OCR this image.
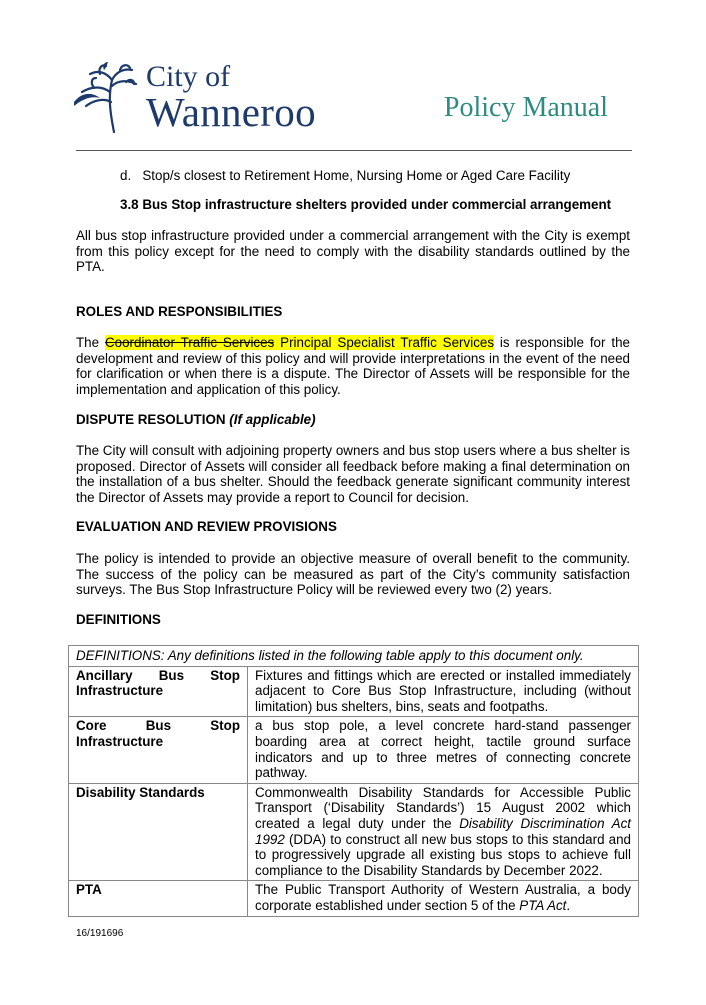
City of
Wanneroo	Policy Manual
d. Stop/s closest to Retirement Home, Nursing Home or Aged Care Facility
3.8 Bus Stop infrastructure shelters provided under commercial arrangement
All bus stop infrastructure provided under a commercial arrangement with the City is exempt from this policy except for the need to comply with the disability standards outlined by the PTA.
ROLES AND RESPONSIBILITIES
The Coordinator Traffic Services Principal Specialist Traffic Services is responsible for the development and review of this policy and will provide interpretations in the event of the need for clarification or when there is a dispute. The Director of Assets will be responsible for the implementation and application of this policy.
DISPUTE RESOLUTION (If applicable)
The City will consult with adjoining property owners and bus stop users where a bus shelter is proposed. Director of Assets will consider all feedback before making a final determination on the installation of a bus shelter. Should the feedback generate significant community interest the Director of Assets may provide a report to Council for decision.
EVALUATION AND REVIEW PROVISIONS
The policy is intended to provide an objective measure of overall benefit to the community. The success of the policy can be measured as part of the City’s community satisfaction surveys. The Bus Stop Infrastructure Policy will be reviewed every two (2) years.
DEFINITIONS
DEFINITIONS: Any definitions listed in the following table apply to this document only.	
Ancillary Bus Stop Infrastructure	Fixtures and fittings which are erected or installed immediately adjacent to Core Bus Stop Infrastructure, including (without limitation) bus shelters, bins, seats and footpaths.
Core Bus Stop Infrastructure	a bus stop pole, a level concrete hard-stand passenger boarding area at correct height, tactile ground surface indicators and up to three metres of connecting concrete pathway.
Disability Standards	Commonwealth Disability Standards for Accessible Public Transport (‘Disability Standards’) 15 August 2002 which created a legal duty under the Disability Discrimination Act 1992 (DDA) to construct all new bus stops to this standard and to progressively upgrade all existing bus stops to achieve full compliance to the Disability Standards by December 2022.
PTA	The Public Transport Authority of Western Australia, a body corporate established under section 5 of the PTA Act.
16/191696
